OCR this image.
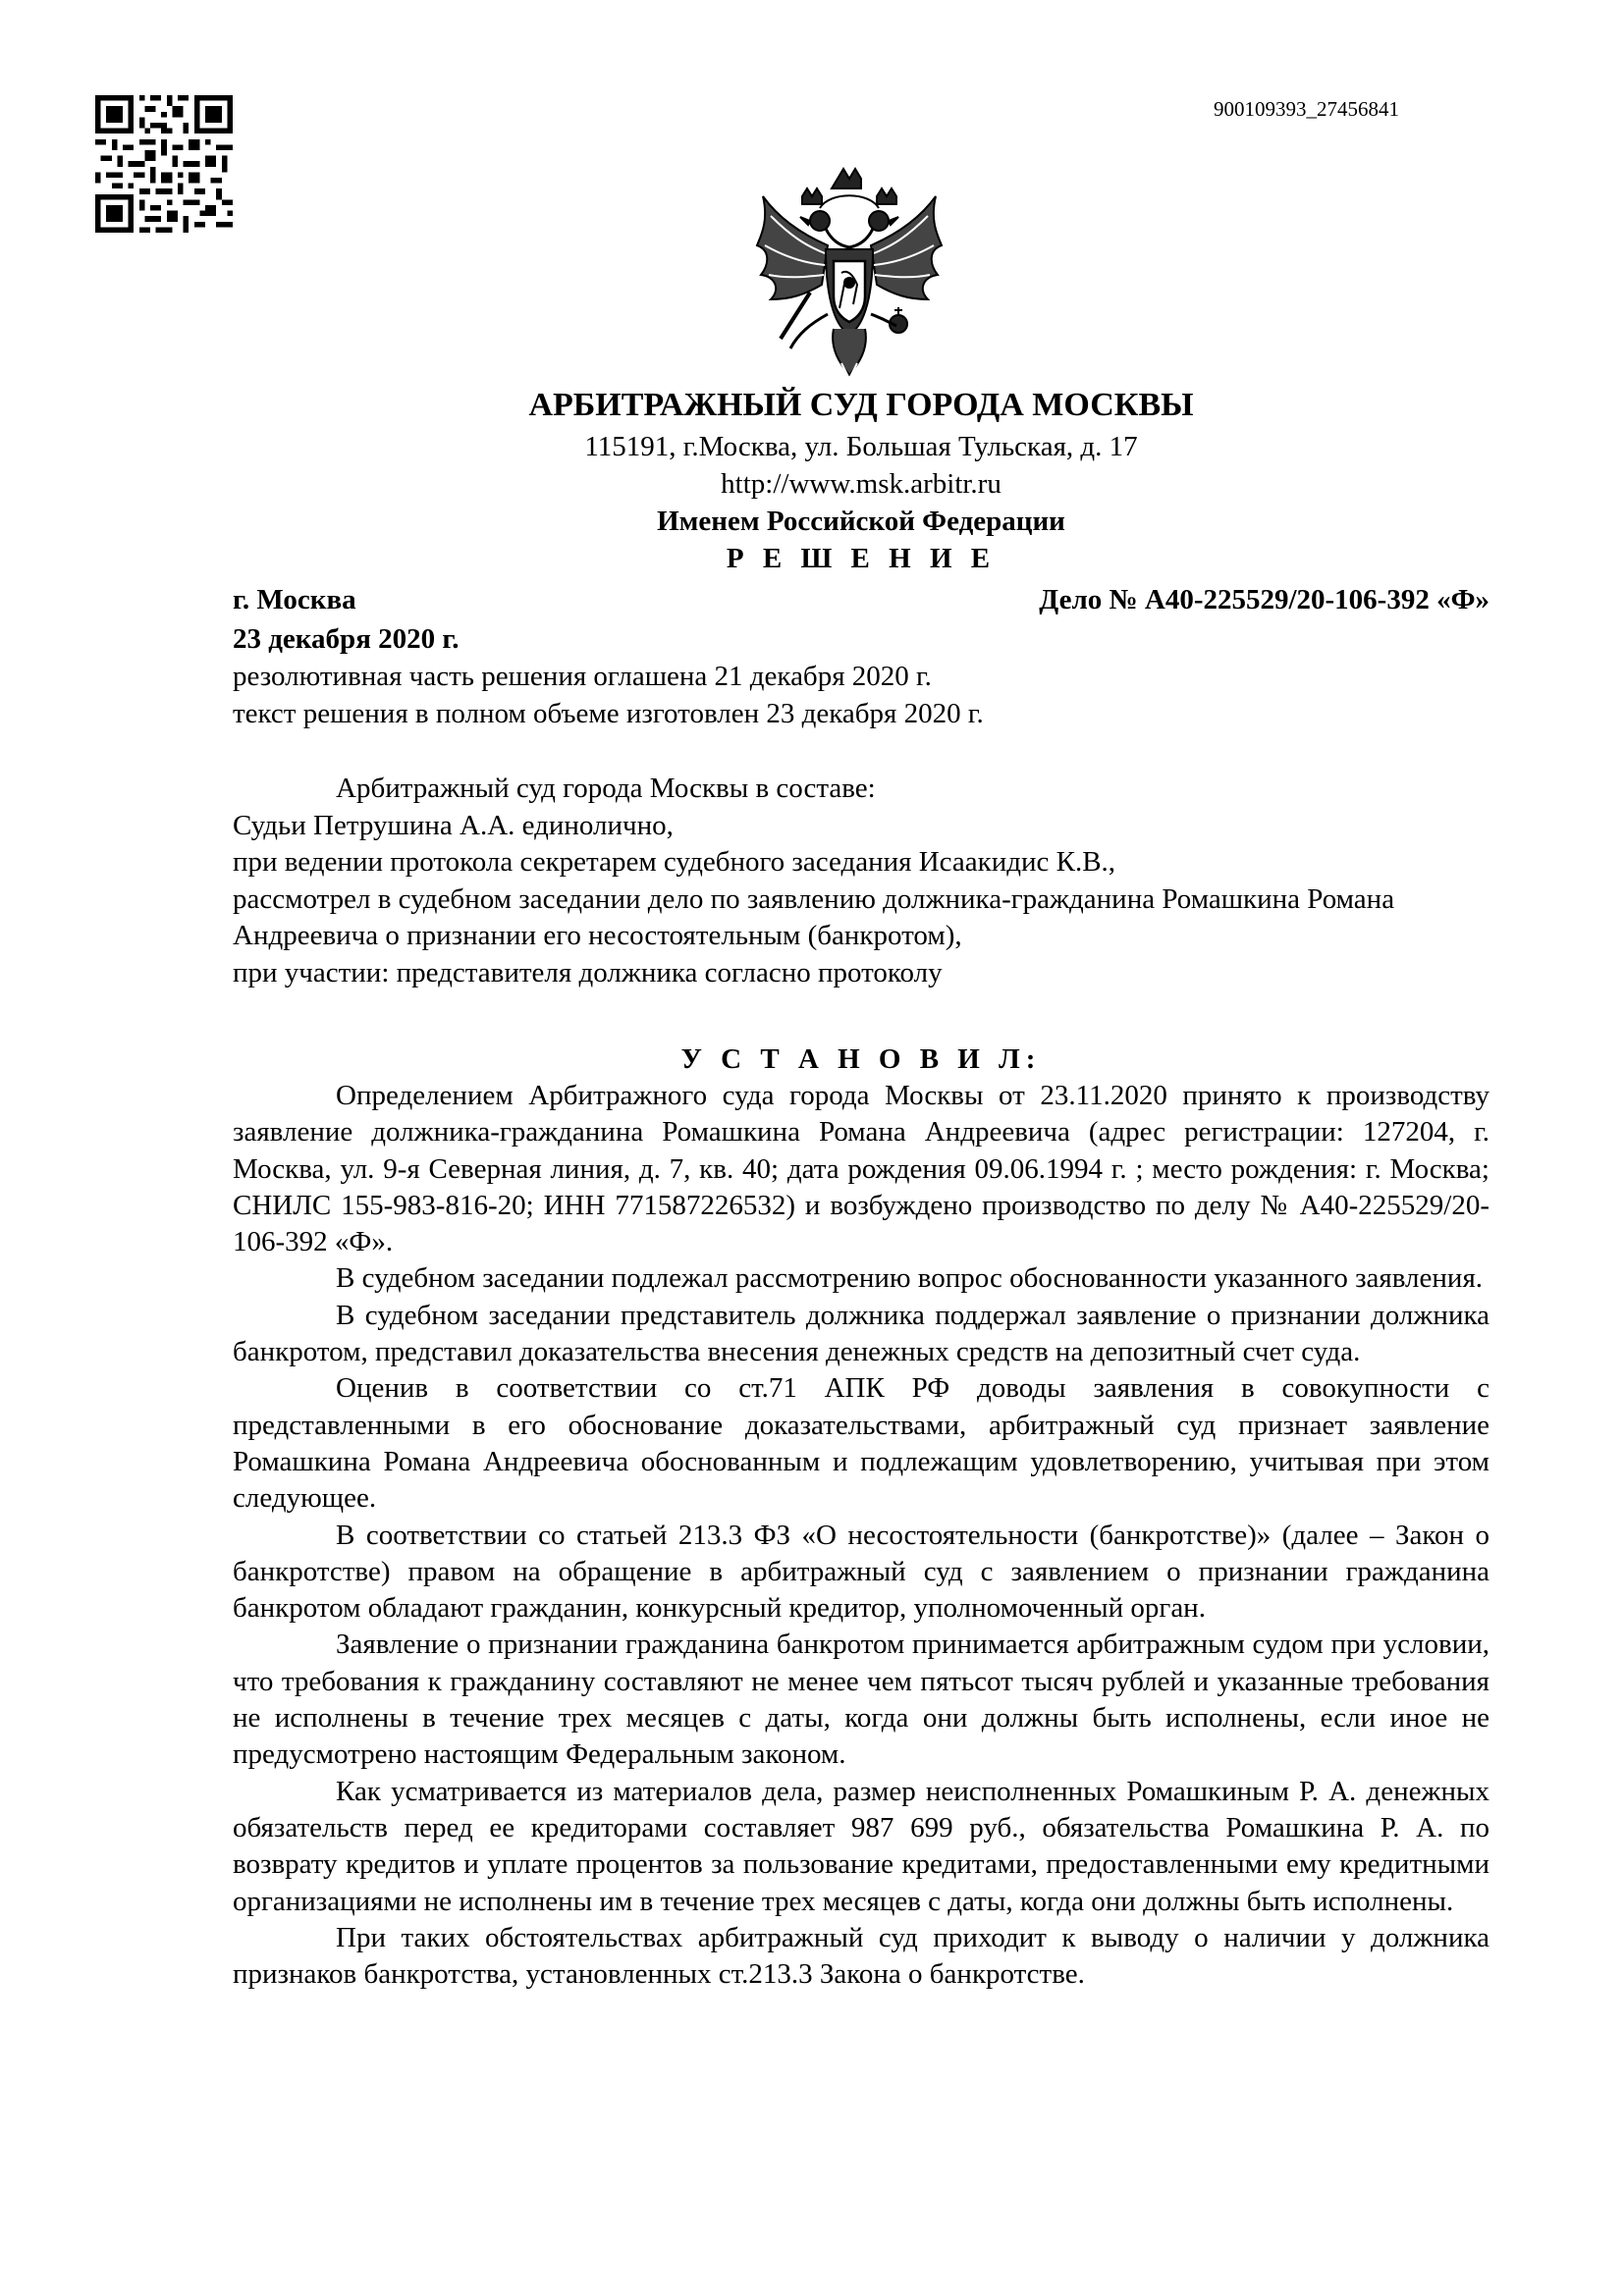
900109393_27456841

АРБИТРАЖНЫЙ СУД ГОРОДА МОСКВЫ

115191, г.Москва, ул. Большая Тульская, д. 17

http://www.msk.arbitr.ru

Именем Российской Федерации

Р Е Ш Е Н И Е

г. Москва	Дело № А40-225529/20-106-392 «Ф»
23 декабря 2020 г.

резолютивная часть решения оглашена 21 декабря 2020 г.

текст решения в полном объеме изготовлен 23 декабря 2020 г.

Арбитражный суд города Москвы в составе:

Судьи Петрушина А.А. единолично,

при ведении протокола секретарем судебного заседания Исаакидис К.В.,

рассмотрел в судебном заседании дело по заявлению должника-гражданина Ромашкина Романа Андреевича о признании его несостоятельным (банкротом),

при участии: представителя должника согласно протоколу

У С Т А Н О В И Л:

Определением Арбитражного суда города Москвы от 23.11.2020 принято к производству заявление должника-гражданина Ромашкина Романа Андреевича (адрес регистрации: 127204, г. Москва, ул. 9-я Северная линия, д. 7, кв. 40; дата рождения 09.06.1994 г. ; место рождения: г. Москва; СНИЛС 155-983-816-20; ИНН 771587226532) и возбуждено производство по делу № А40-225529/20-106-392 «Ф».

В судебном заседании подлежал рассмотрению вопрос обоснованности указанного заявления.

В судебном заседании представитель должника поддержал заявление о признании должника банкротом, представил доказательства внесения денежных средств на депозитный счет суда.

Оценив в соответствии со ст.71 АПК РФ доводы заявления в совокупности с представленными в его обоснование доказательствами, арбитражный суд признает заявление Ромашкина Романа Андреевича обоснованным и подлежащим удовлетворению, учитывая при этом следующее.

В соответствии со статьей 213.3 ФЗ «О несостоятельности (банкротстве)» (далее – Закон о банкротстве) правом на обращение в арбитражный суд с заявлением о признании гражданина банкротом обладают гражданин, конкурсный кредитор, уполномоченный орган.

Заявление о признании гражданина банкротом принимается арбитражным судом при условии, что требования к гражданину составляют не менее чем пятьсот тысяч рублей и указанные требования не исполнены в течение трех месяцев с даты, когда они должны быть исполнены, если иное не предусмотрено настоящим Федеральным законом.

Как усматривается из материалов дела, размер неисполненных Ромашкиным Р. А. денежных обязательств перед ее кредиторами составляет 987 699 руб., обязательства Ромашкина Р. А. по возврату кредитов и уплате процентов за пользование кредитами, предоставленными ему кредитными организациями не исполнены им в течение трех месяцев с даты, когда они должны быть исполнены.

При таких обстоятельствах арбитражный суд приходит к выводу о наличии у должника признаков банкротства, установленных ст.213.3 Закона о банкротстве.
